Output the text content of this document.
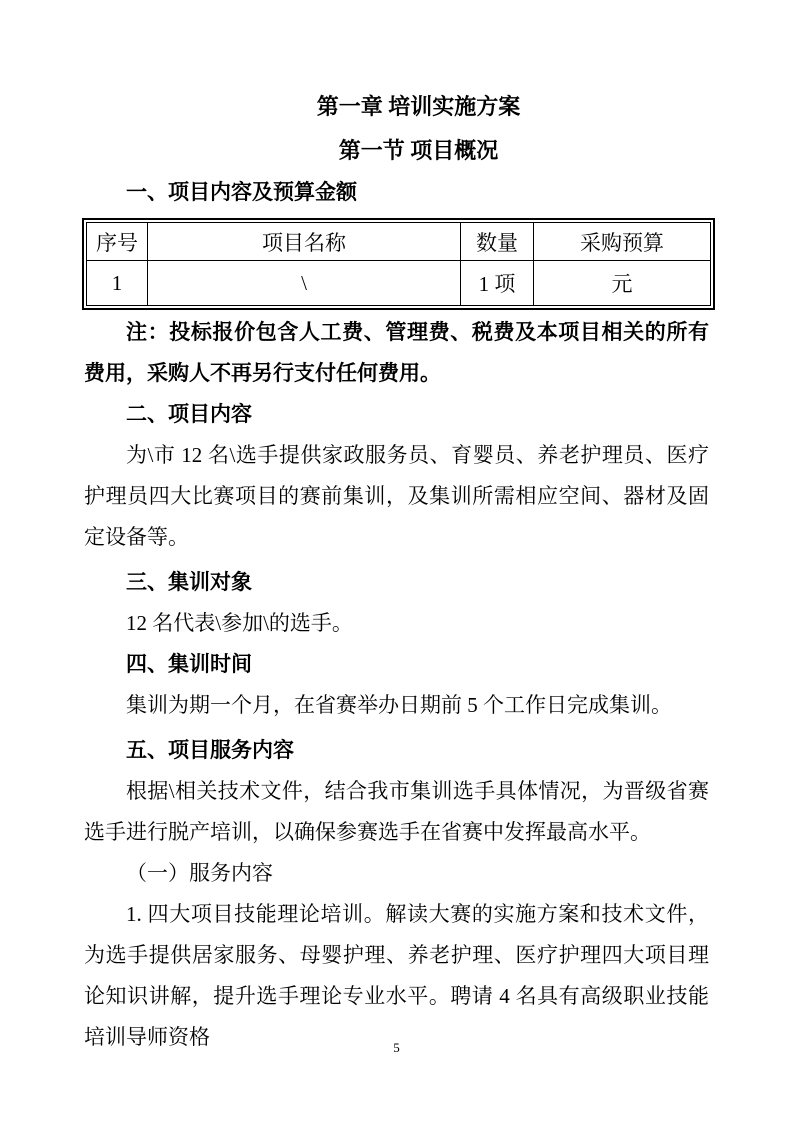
第一章 培训实施方案
第一节 项目概况
一、项目内容及预算金额
序号	项目名称	数量	采购预算
1	\	1 项	元

注：投标报价包含人工费、管理费、税费及本项目相关的所有费用，采购人不再另行支付任何费用。

二、项目内容

为\市 12 名\选手提供家政服务员、育婴员、养老护理员、医疗护理员四大比赛项目的赛前集训，及集训所需相应空间、器材及固定设备等。

三、集训对象

12 名代表\参加\的选手。

四、集训时间

集训为期一个月，在省赛举办日期前 5 个工作日完成集训。

五、项目服务内容

根据\相关技术文件，结合我市集训选手具体情况，为晋级省赛选手进行脱产培训，以确保参赛选手在省赛中发挥最高水平。

（一）服务内容

1. 四大项目技能理论培训。解读大赛的实施方案和技术文件，为选手提供居家服务、母婴护理、养老护理、医疗护理四大项目理论知识讲解，提升选手理论专业水平。聘请 4 名具有高级职业技能培训导师资格	5
